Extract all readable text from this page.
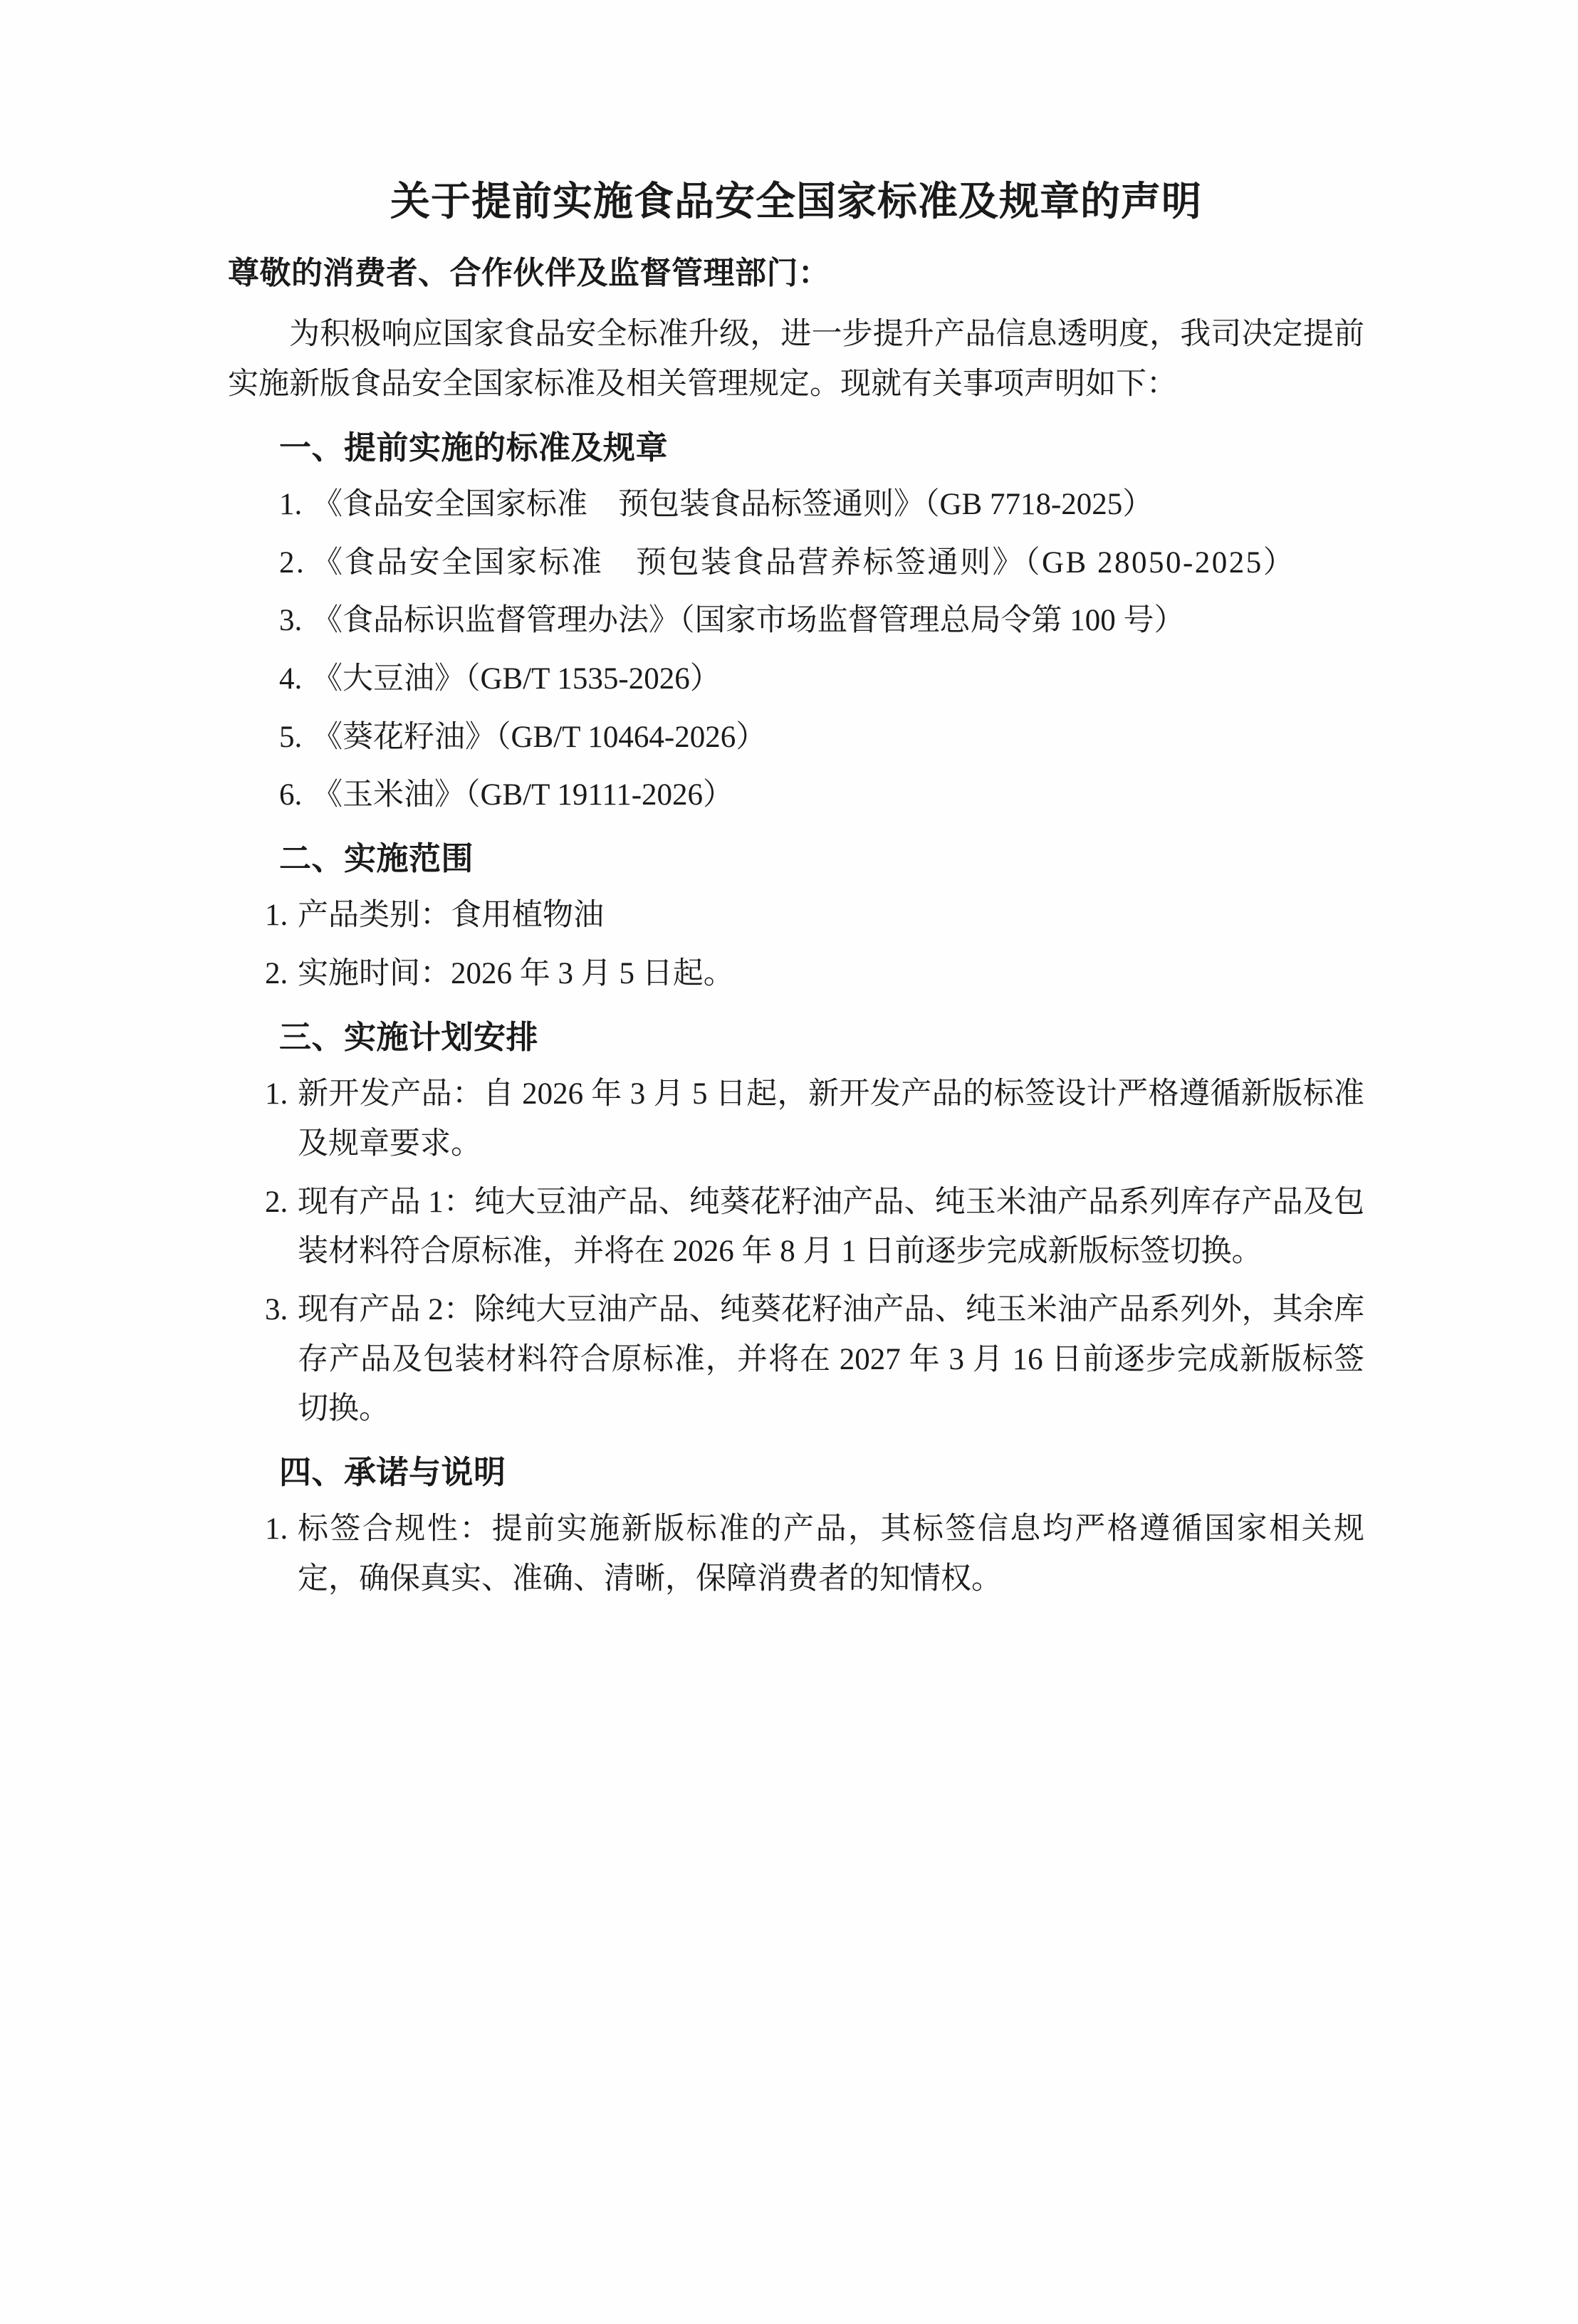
关于提前实施食品安全国家标准及规章的声明

尊敬的消费者、合作伙伴及监督管理部门：

为积极响应国家食品安全标准升级，进一步提升产品信息透明度，我司决定提前实施新版食品安全国家标准及相关管理规定。现就有关事项声明如下：

一、提前实施的标准及规章
1. 《食品安全国家标准　预包装食品标签通则》（GB 7718-2025）
2. 《食品安全国家标准　预包装食品营养标签通则》（GB 28050-2025）
3. 《食品标识监督管理办法》（国家市场监督管理总局令第 100 号）
4. 《大豆油》（GB/T 1535-2026）
5. 《葵花籽油》（GB/T 10464-2026）
6. 《玉米油》（GB/T 19111-2026）
二、实施范围
1. 产品类别：食用植物油
2. 实施时间：2026 年 3 月 5 日起。
三、实施计划安排
1. 新开发产品：自 2026 年 3 月 5 日起，新开发产品的标签设计严格遵循新版标准及规章要求。
2. 现有产品 1：纯大豆油产品、纯葵花籽油产品、纯玉米油产品系列库存产品及包装材料符合原标准，并将在 2026 年 8 月 1 日前逐步完成新版标签切换。
3. 现有产品 2：除纯大豆油产品、纯葵花籽油产品、纯玉米油产品系列外，其余库存产品及包装材料符合原标准，并将在 2027 年 3 月 16 日前逐步完成新版标签切换。
四、承诺与说明
1. 标签合规性：提前实施新版标准的产品，其标签信息均严格遵循国家相关规定，确保真实、准确、清晰，保障消费者的知情权。
